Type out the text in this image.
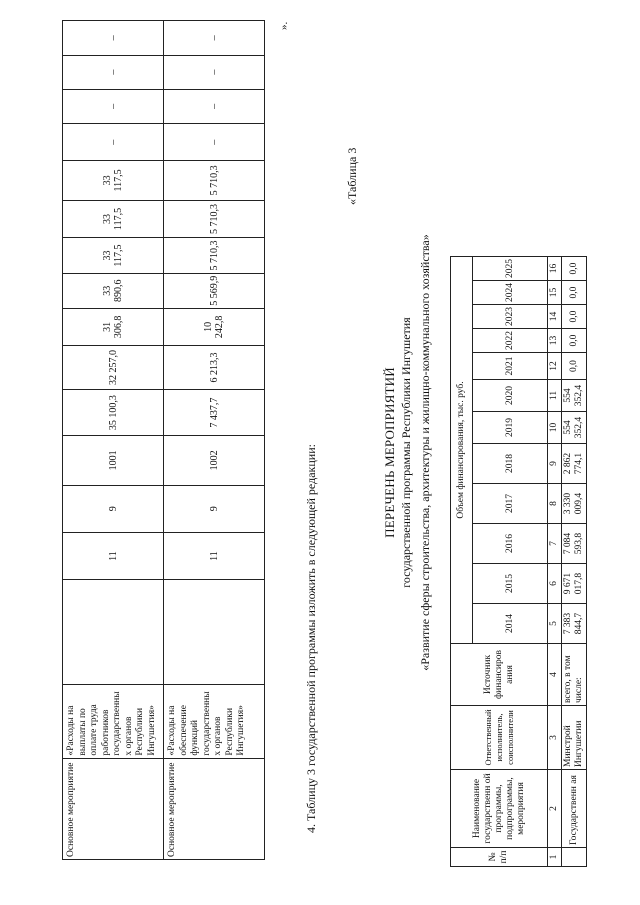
Основное мероприятие	«Расходы на выплаты по оплате труда работников государственны х органов Республики Ингушетия»		11	9	1001	35 100,3	32 257,0	31 306,8	33 890,6	33 117,5	33 117,5	33 117,5	–	–	–	–
Основное мероприятие	«Расходы на обеспечение функций государственны х органов Республики Ингушетия»		11	9	1002	7 437,7	6 213,3	10 242,8	5 569,9	5 710,3	5 710,3	5 710,3	–	–	–	–
».
4. Таблицу 3 государственной программы изложить в следующей редакции:
«Таблица 3
ПЕРЕЧЕНЬ МЕРОПРИЯТИЙ государственной программы Республики Ингушетия «Развитие сферы строительства, архитектуры и жилищно-коммунального хозяйства»
№ п/п	Наименование государственн ой программы, подпрограммы, мероприятия	Ответственный исполнитель, соисполнители	Источник финансиров ания	Объем финансирования, тыс. руб.											
				2014	2015	2016	2017	2018	2019	2020	2021	2022	2023	2024	2025
1	2	3	4	5	6	7	8	9	10	11	12	13	14	15	16
	Государственн ая	Минстрой Ингушетии	всего, в том числе:	7 383 844,7	9 671 017,8	7 084 593,8	3 330 009,4	2 862 774,1	554 352,4	554 352,4	0,0	0,0	0,0	0,0	0,0
